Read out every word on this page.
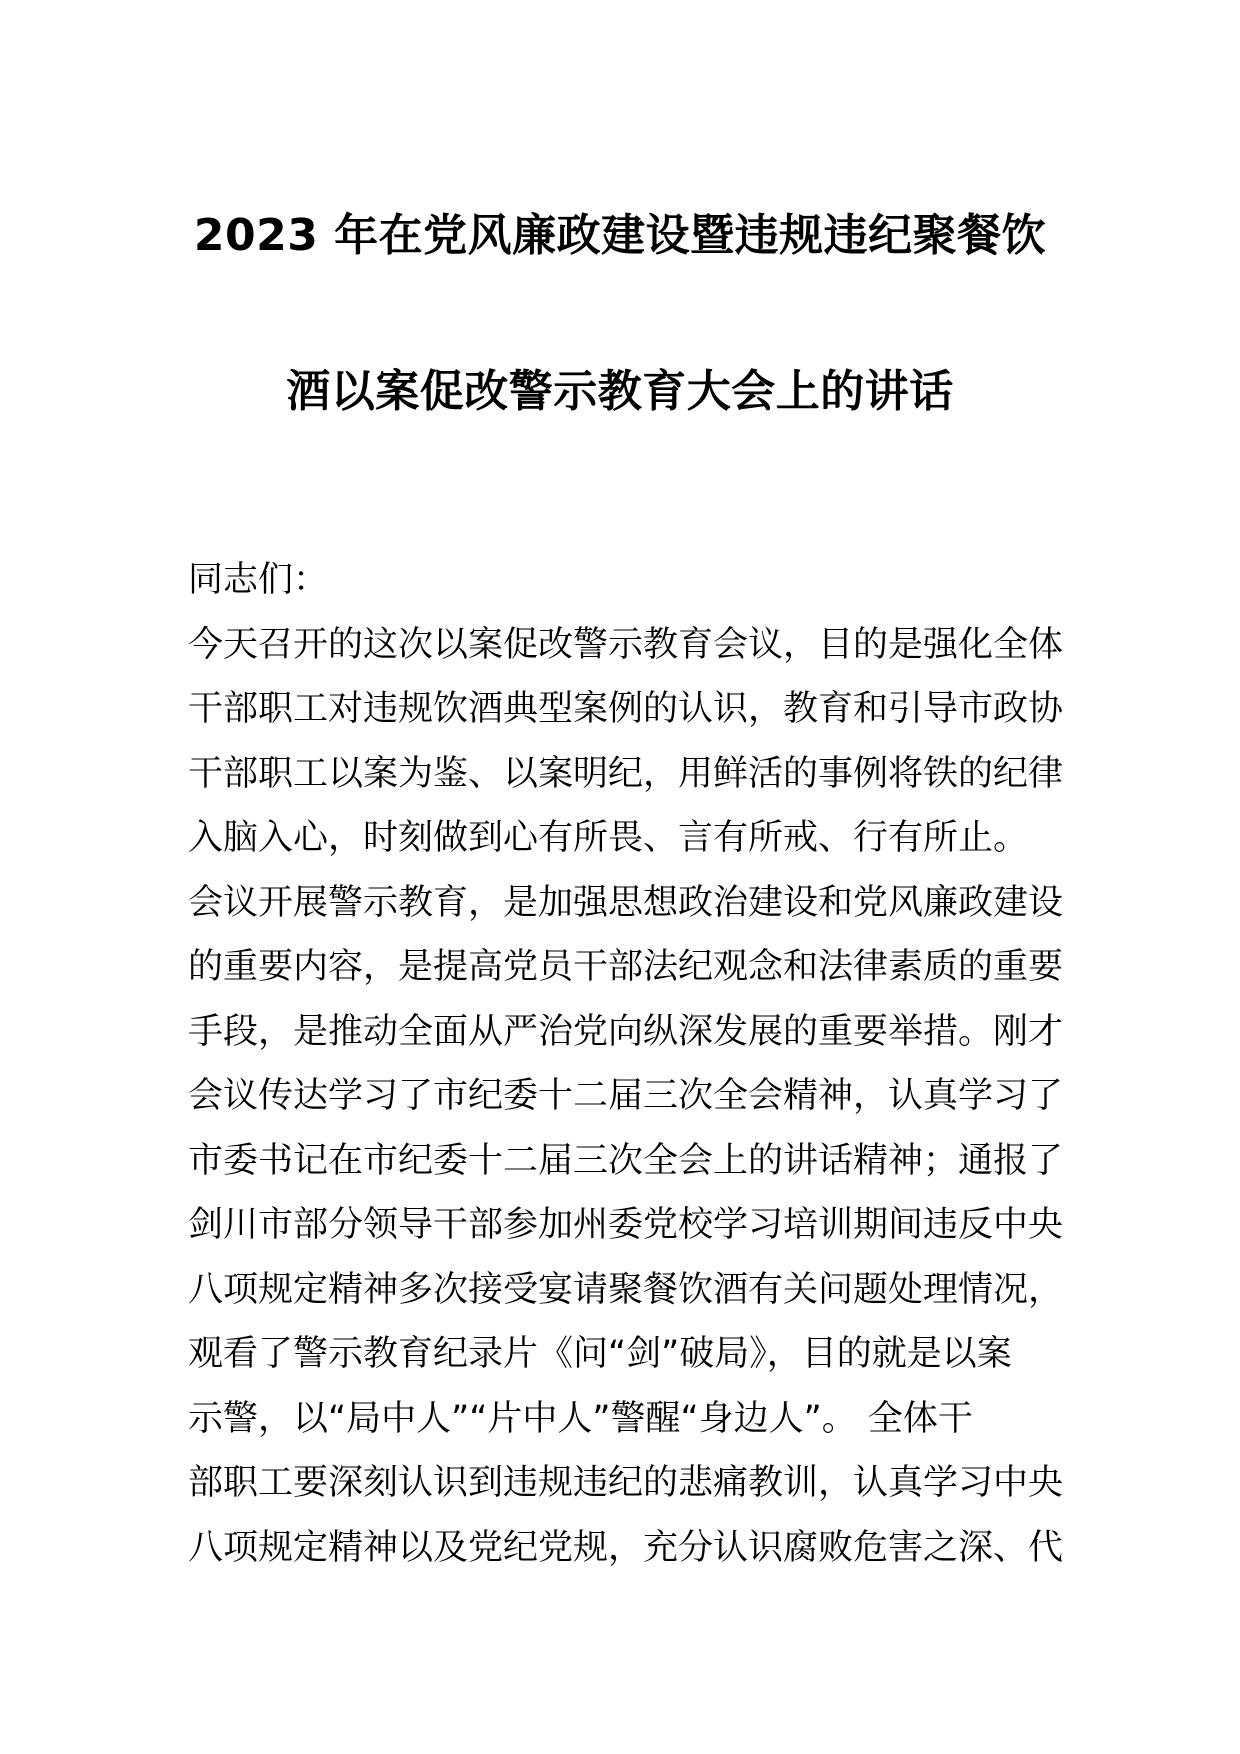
2023 年在党风廉政建设暨违规违纪聚餐饮
酒以案促改警示教育大会上的讲话
同志们：
今天召开的这次以案促改警示教育会议，目的是强化全体
干部职工对违规饮酒典型案例的认识，教育和引导市政协
干部职工以案为鉴、以案明纪，用鲜活的事例将铁的纪律
入脑入心，时刻做到心有所畏、言有所戒、行有所止。
会议开展警示教育，是加强思想政治建设和党风廉政建设
的重要内容，是提高党员干部法纪观念和法律素质的重要
手段，是推动全面从严治党向纵深发展的重要举措。刚才
会议传达学习了市纪委十二届三次全会精神，认真学习了
市委书记在市纪委十二届三次全会上的讲话精神；通报了
剑川市部分领导干部参加州委党校学习培训期间违反中央
八项规定精神多次接受宴请聚餐饮酒有关问题处理情况，
观看了警示教育纪录片《问“剑”破局》，目的就是以案
示警，以“局中人”“片中人”警醒“身边人”。 全体干
部职工要深刻认识到违规违纪的悲痛教训，认真学习中央
八项规定精神以及党纪党规，充分认识腐败危害之深、代
